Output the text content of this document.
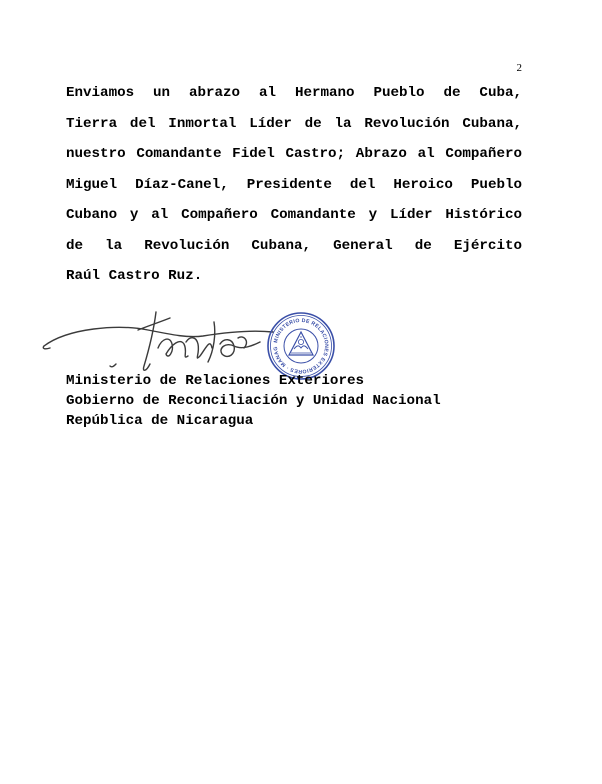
2
Enviamos un abrazo al Hermano Pueblo de Cuba,
Tierra del Inmortal Líder de la Revolución Cubana,
nuestro Comandante Fidel Castro; Abrazo al Compañero
Miguel Díaz-Canel, Presidente del Heroico Pueblo
Cubano y al Compañero Comandante y Líder Histórico
de la Revolución Cubana, General de Ejército
Raúl Castro Ruz.
MINISTERIO DE RELACIONES EXTERIORES · MANAG
Ministerio de Relaciones Exteriores
Gobierno de Reconciliación y Unidad Nacional
República de Nicaragua
